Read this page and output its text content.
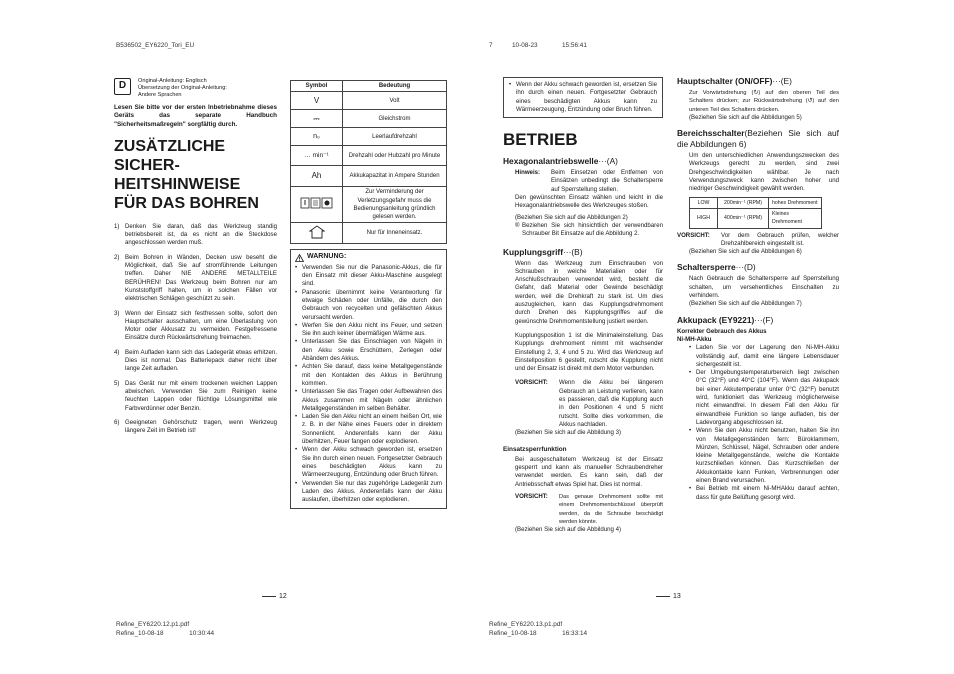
B536502_EY6220_Tori_EU	7	10-08-23	15:56:41
D	Original-Anleitung: Englisch
Übersetzung der Original-Anleitung:
Andere Sprachen

Lesen Sie bitte vor der ersten Inbetriebnahme dieses Geräts das separate Handbuch "Sicherheitsmaßregeln" sorgfältig durch.

ZUSÄTZLICHE SICHER-HEITSHINWEISE FÜR DAS BOHREN
1) Denken Sie daran, daß das Werkzeug standig betriebsbereit ist, da es nicht an die Steckdose angeschlossen werden muß.
2) Beim Bohren in Wänden, Decken usw beseht die Möglichkeit, daß Sie auf stromführende Leitungen treffen. Daher NIE ANDERE METALLTEILE BERÜHREN! Das Werkzeug beim Bohren nur am Kunststoffgriff halten, um in solchen Fällen vor elektrischen Schlägen geschützt zu sein.
3) Wenn der Einsatz sich festfressen sollte, sofort den Hauptschalter ausschalten, um eine Überlastung von Motor oder Akkusatz zu vermeiden. Festgefressene Einsätze durch Rückwärtsdrehung freimachen.
4) Beim Aufladen kann sich das Ladegerät etwas erhitzen. Dies ist normal. Das Batteriepack daher nicht über lange Zeit aufladen.
5) Das Gerät nur mit einem trockenen weichen Lappen abwischen. Verwenden Sie zum Reinigen keine feuchten Lappen oder flüchtige Lösungsmittel wie Farbverdünner oder Benzin.
6) Geeigneten Gehörschutz tragen, wenn Werkzeug längere Zeit im Betrieb ist!
Symbol	Bedeutung
V	Volt
⎓	Gleichstrom
n₀	Leerlaufdrehzahl
… min⁻¹	Drehzahl oder Hubzahl pro Minute
Ah	Akkukapazitat in Ampere Stunden
	Zur Verminderung der Verletzungsgefahr muss die Bedienungsanleitung gründlich gelesen werden.
	Nur für Inneneinsatz.
WARNUNG:
• Verwenden Sie nur die Panasonic-Akkus, die für den Einsatz mit dieser Akku-Maschine ausgelegt sind.
• Panasonic übernimmt keine Verantwortung für etwaige Schäden oder Unfälle, die durch den Gebrauch von recycelten und gefälschten Akkus verursacht werden.
• Werfen Sie den Akku nicht ins Feuer, und setzen Sie ihn auch keiner übermäßigen Wärme aus.
• Unterlassen Sie das Einschlagen von Nägeln in den Akku sowie Erschüttern, Zerlegen oder Abändern des Akkus.
• Achten Sie darauf, dass keine Metallgegenstände mit den Kontakten des Akkus in Berührung kommen.
• Unterlassen Sie das Tragen oder Aufbewahren des Akkus zusammen mit Nägeln oder ähnlichen Metallgegenständen im selben Behälter.
• Laden Sie den Akku nicht an einem heißen Ort, wie z. B. in der Nähe eines Feuers oder in direktem Sonnenlicht. Anderenfalls kann der Akku überhitzen, Feuer fangen oder explodieren.
• Wenn der Akku schwach geworden ist, ersetzen Sie ihn durch einen neuen. Fortgesetzter Gebrauch eines beschädigten Akkus kann zu Wärmeerzeugung, Entzündung oder Bruch führen.
• Verwenden Sie nur das zugehörige Ladegerät zum Laden des Akkus. Anderenfalls kann der Akku auslaufen, überhitzen oder explodieren.
12
• Wenn der Akku schwach geworden ist, ersetzen Sie ihn durch einen neuen. Fortgesetzter Gebrauch eines beschädigten Akkus kann zu Wärmeerzeugung, Entzündung oder Bruch führen.
BETRIEB
Hexagonalantriebswelle···(A)
Hinweis:	Beim Einsetzen oder Entfernen von Einsätzen unbedingt die Schaltersperre auf Sperrstellung stellen.

Den gewünschten Einsatz wählen und leicht in die Hexagonalantriebswelle des Werkzeuges stoßen.

(Beziehen Sie sich auf die Abbildungen 2)

® Beziehen Sie sich hinsichtlich der verwendbaren Schrauber Bit Einsatze auf die Abbildung 2.
Kupplungsgriff···(B)

Wenn das Werkzeug zum Einschrauben von Schrauben in weiche Materialien oder für Anschlußschrauben verwendet wird, besteht die Gefahr, daß Material oder Gewinde beschädigt werden, weil die Drehkraft zu stark ist. Um dies auszugleichen, kann das Kupplungsdrehmoment durch Drehen des Kupplungsgriffes auf die gewünschte Drehmomentstellung justiert werden.

Kupplungsposition 1 ist die Minimaleinstellung. Das Kupplungs drehmoment nimmt mit wachsender Einstellung 2, 3, 4 und 5 zu. Wird das Werkzeug auf Einstellposition 6 gestellt, rutscht die Kupplung nicht und der Einsatz ist direkt mit dem Motor verbunden.

VORSICHT:	Wenn die Akku bei längerem Gebrauch an Leistung verlieren, kann es passieren, daß die Kupplung auch in den Positionen 4 und 5 nicht rutscht. Sollte dies vorkommen, die Akkus nachladen.

(Beziehen Sie sich auf die Abbildung 3)

Einsatzsperrfunktion

Bei ausgeschaltetem Werkzeug ist der Einsatz gesperrt und kann als manueller Schraubendreher verwendet werden. Es kann sein, daß der Antriebsschaft etwas Spiel hat. Dies ist normal.

VORSICHT:	Das genaue Drehmoment sollte mit einem Drehmomentschlüssel überprüft werden, da die Schraube beschädigt werden könnte.

(Beziehen Sie sich auf die Abbildung 4)

Hauptschalter (ON/OFF)···(E)

Zur Vorwärtsdrehung (↻) auf den oberen Teil des Schalters drücken; zur Rückwärtsdrehung (↺) auf den unteren Teil des Schalters drücken.

(Beziehen Sie sich auf die Abbildungen 5)

Bereichsschalter(Beziehen Sie sich auf die Abbildungen 6)

Um den unterschiedlichen Anwendungszwecken des Werkzeugs gerecht zu werden, sind zwei Drehgeschwindigkeiten wählbar. Je nach Verwendungszweck kann zwischen hoher und niedriger Geschwindigkeit gewählt werden.

LOW	200min⁻¹ (RPM)	hohes Drehmoment
HIGH	400min⁻¹ (RPM)	Kleines Drehmoment
VORSICHT:	Vor dem Gebrauch prüfen, welcher Drehzahlbereich eingestellt ist.

(Beziehen Sie sich auf die Abbildungen 6)

Schaltersperre···(D)

Nach Gebrauch die Schaltersperre auf Sperrstellung schalten, um versehentliches Einschalten zu verhindern.

(Beziehen Sie sich auf die Abbildungen 7)

Akkupack (EY9221)···(F)
Korrekter Gebrauch des Akkus
Ni-MH-Akku
• Laden Sie vor der Lagerung den Ni-MH-Akku vollständig auf, damit eine längere Lebensdauer sichergestellt ist.
• Der Umgebungstemperaturbereich liegt zwischen 0°C (32°F) und 40°C (104°F). Wenn das Akkupack bei einer Akkutemperatur unter 0°C (32°F) benutzt wird, funktioniert das Werkzeug möglicherweise nicht einwandfrei. In diesem Fall den Akku für einwandfreie Funktion so lange aufladen, bis der Ladevorgang abgeschlossen ist.
• Wenn Sie den Akku nicht benutzen, halten Sie ihn von Metallgegenständen fern: Büroklammern, Münzen, Schlüssel, Nägel, Schrauben oder andere kleine Metallgegenstände, welche die Kontakte kurzschließen können. Das Kurzschließen der Akkukontakte kann Funken, Verbrennungen oder einen Brand verursachen.
• Bei Betrieb mit einem Ni-MHAkku darauf achten, dass für gute Belüftung gesorgt wird.
13
Refine_EY6220.12.p1.pdf
Refine_10-08-18	10:30:44
Refine_EY6220.13.p1.pdf
Refine_10-08-18	16:33:14
